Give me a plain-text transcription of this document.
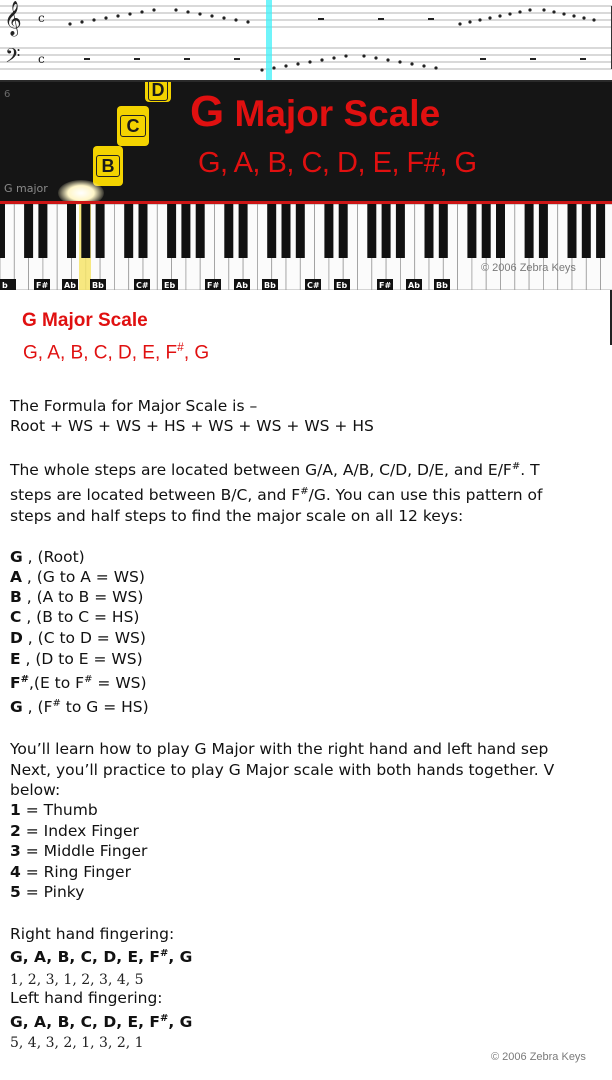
𝄞
𝄢
c
c
6	D
C
B
G major
G Major Scale
G, A, B, C, D, E, F#, G
b	F# Ab Bb	C# Eb	F# Ab Bb	C# Eb	F# Ab Bb
© 2006 Zebra Keys
G Major Scale
G, A, B, C, D, E, F#, G
The Formula for Major Scale is –
Root + WS + WS + HS + WS + WS + WS + HS
The whole steps are located between G/A, A/B, C/D, D/E, and E/F#. T
steps are located between B/C, and F#/G. You can use this pattern of
steps and half steps to find the major scale on all 12 keys:
G , (Root)
A , (G to A = WS)
B , (A to B = WS)
C , (B to C = HS)
D , (C to D = WS)
E , (D to E = WS)
F#,(E to F# = WS)
G , (F# to G = HS)
You’ll learn how to play G Major with the right hand and left hand sep
Next, you’ll practice to play G Major scale with both hands together. V
below:
1 = Thumb
2 = Index Finger
3 = Middle Finger
4 = Ring Finger
5 = Pinky
Right hand fingering:
G, A, B, C, D, E, F#, G
1, 2, 3, 1, 2, 3, 4, 5
Left hand fingering:
G, A, B, C, D, E, F#, G
5, 4, 3, 2, 1, 3, 2, 1
© 2006 Zebra Keys
